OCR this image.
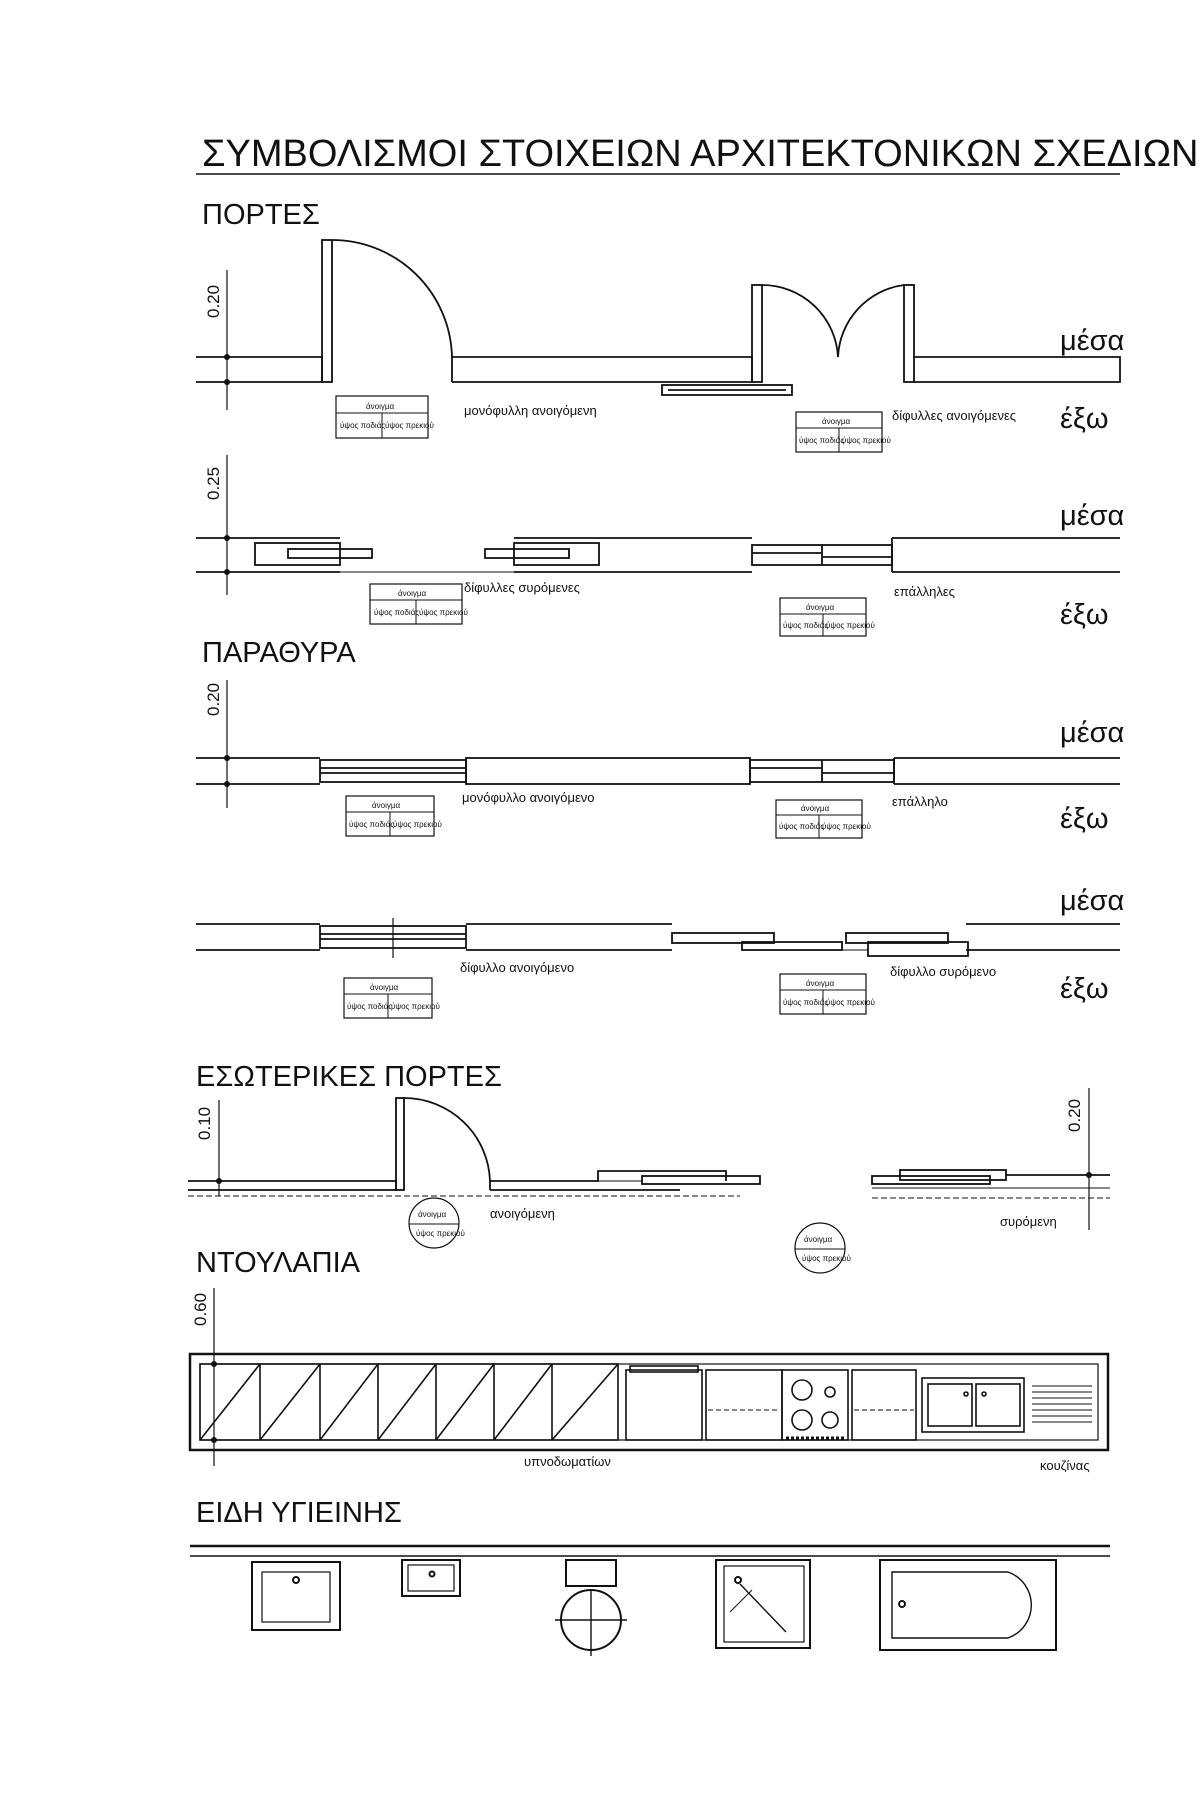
ΣΥΜΒΟΛΙΣΜΟΙ ΣΤΟΙΧΕΙΩΝ ΑΡΧΙΤΕΚΤΟΝΙΚΩΝ ΣΧΕΔΙΩΝ
ΠΟΡΤΕΣ
0.20
άνοιγμα
ύψος ποδιάς ύψος πρεκιού
μονόφυλλη ανοιγόμενη
άνοιγμα
ύψος ποδιάς
ύψος πρεκιού
δίφυλλες ανοιγόμενες
μέσα
έξω
0.25
άνοιγμα
ύψος ποδιάς ύψος πρεκιού
δίφυλλες συρόμενες
άνοιγμα
ύψος ποδιάς
ύψος πρεκιού
επάλληλες
μέσα
έξω
ΠΑΡΑΘΥΡΑ
0.20
άνοιγμα
ύψος ποδιάς
ύψος πρεκιού
μονόφυλλο ανοιγόμενο
άνοιγμα
ύψος ποδιάς
ύψος πρεκιού
επάλληλο
μέσα
έξω
άνοιγμα
ύψος ποδιάς
ύψος πρεκιού
δίφυλλο ανοιγόμενο
άνοιγμα
ύψος ποδιάς
ύψος πρεκιού
δίφυλλο συρόμενο
μέσα
έξω
ΕΣΩΤΕΡΙΚΕΣ ΠΟΡΤΕΣ
0.10	0.20
άνοιγμα
ύψος πρεκιού
ανοιγόμενη
άνοιγμα
ύψος πρεκιού
συρόμενη
ΝΤΟΥΛΑΠΙΑ
0.60
υπνοδωματίων	κουζίνας
ΕΙΔΗ ΥΓΙΕΙΝΗΣ
